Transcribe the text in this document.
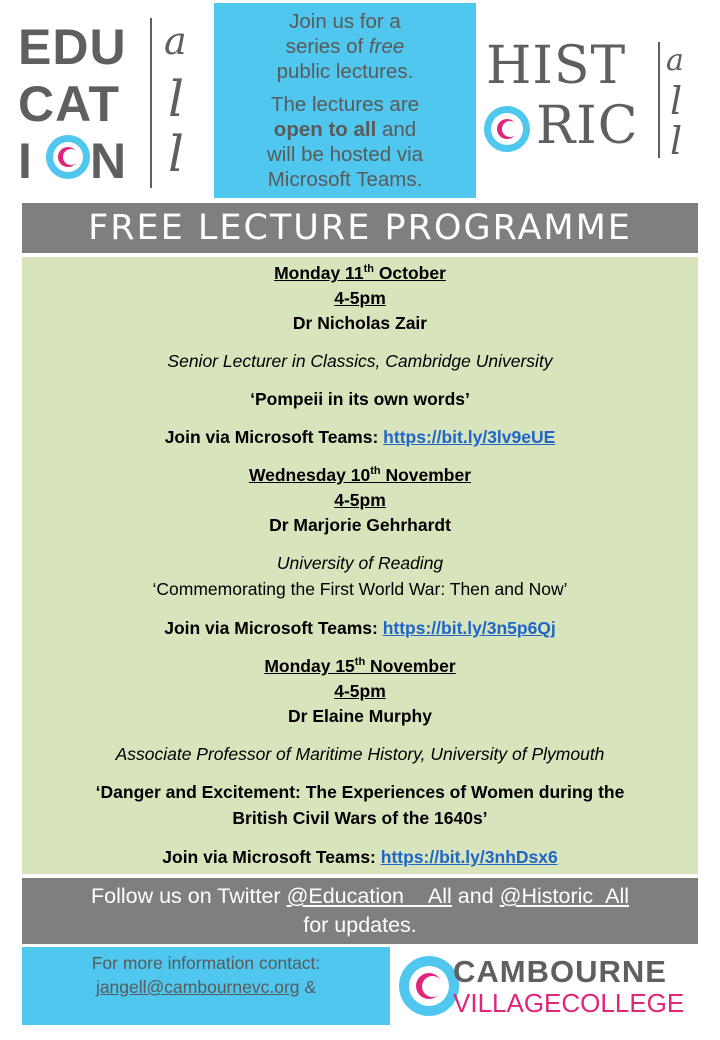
EDU
CAT
I N
a
l
l

Join us for a

series of free

public lectures.

The lectures are

open to all and

will be hosted via

Microsoft Teams.

HIST
RIC
a
l
l
FREE LECTURE PROGRAMME
Monday 11th October
4-5pm
Dr Nicholas Zair
Senior Lecturer in Classics, Cambridge University
‘Pompeii in its own words’
Join via Microsoft Teams: https://bit.ly/3lv9eUE
Wednesday 10th November
4-5pm
Dr Marjorie Gehrhardt
University of Reading
‘Commemorating the First World War: Then and Now’
Join via Microsoft Teams: https://bit.ly/3n5p6Qj
Monday 15th November
4-5pm
Dr Elaine Murphy
Associate Professor of Maritime History, University of Plymouth
‘Danger and Excitement: The Experiences of Women during the
British Civil Wars of the 1640s’
Join via Microsoft Teams: https://bit.ly/3nhDsx6
Follow us on Twitter @Education__All and @Historic_All
for updates.
For more information contact:
jangell@cambournevc.org &	CAMBOURNE
VILLAGECOLLEGE
